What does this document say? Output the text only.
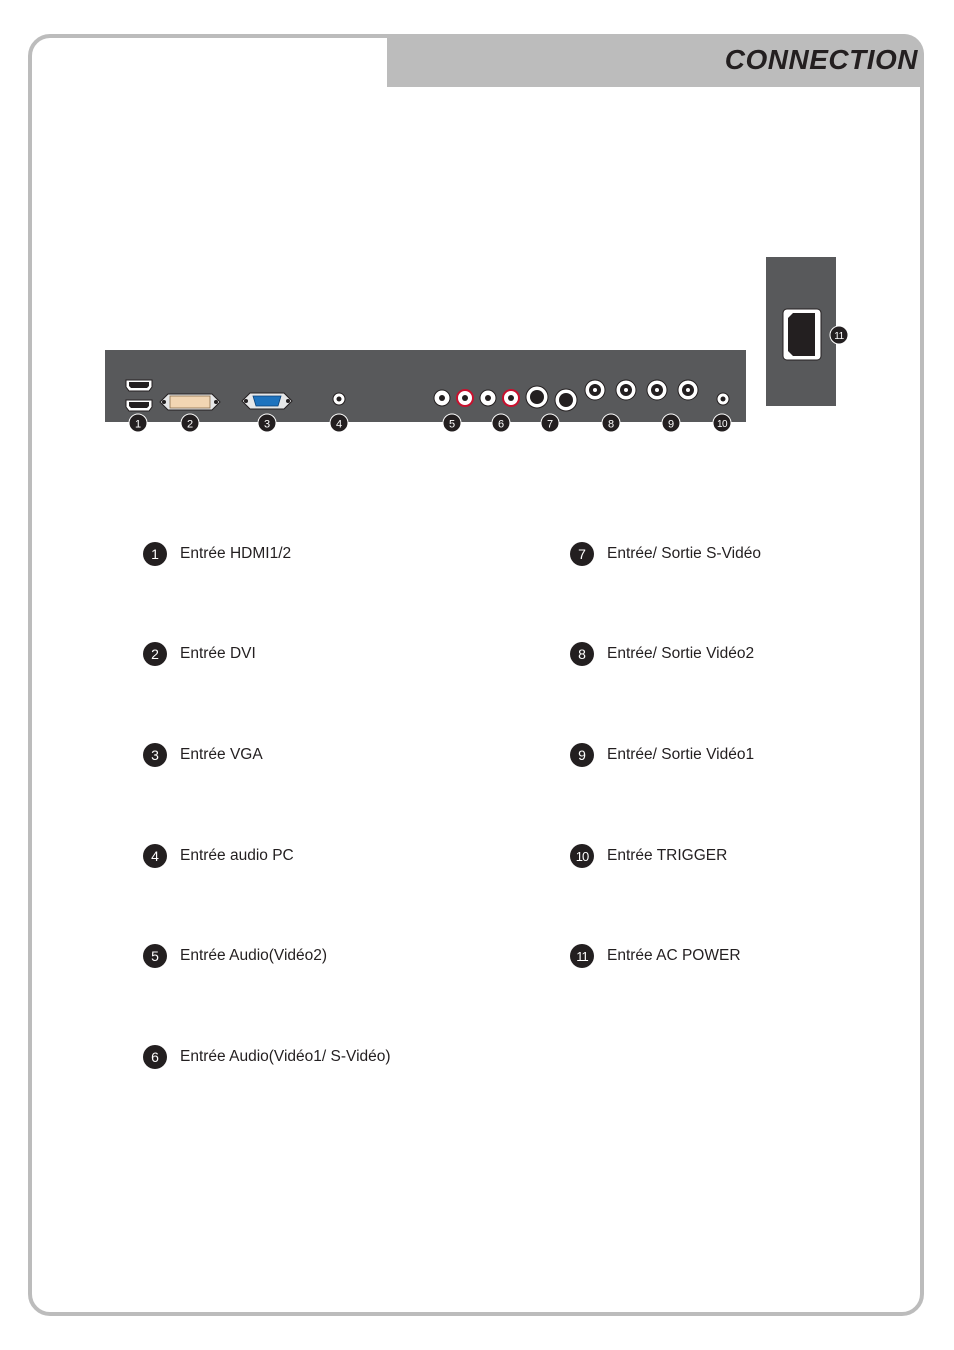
CONNECTION
1	2	3	4	5	6	7	8	9	10
11
1	Entrée HDMI1/2
2	Entrée DVI
3	Entrée VGA
4	Entrée audio PC
5	Entrée Audio(Vidéo2)
6	Entrée Audio(Vidéo1/ S-Vidéo)
7	Entrée/ Sortie S-Vidéo
8	Entrée/ Sortie Vidéo2
9	Entrée/ Sortie Vidéo1
10	Entrée TRIGGER
11	Entrée AC POWER
